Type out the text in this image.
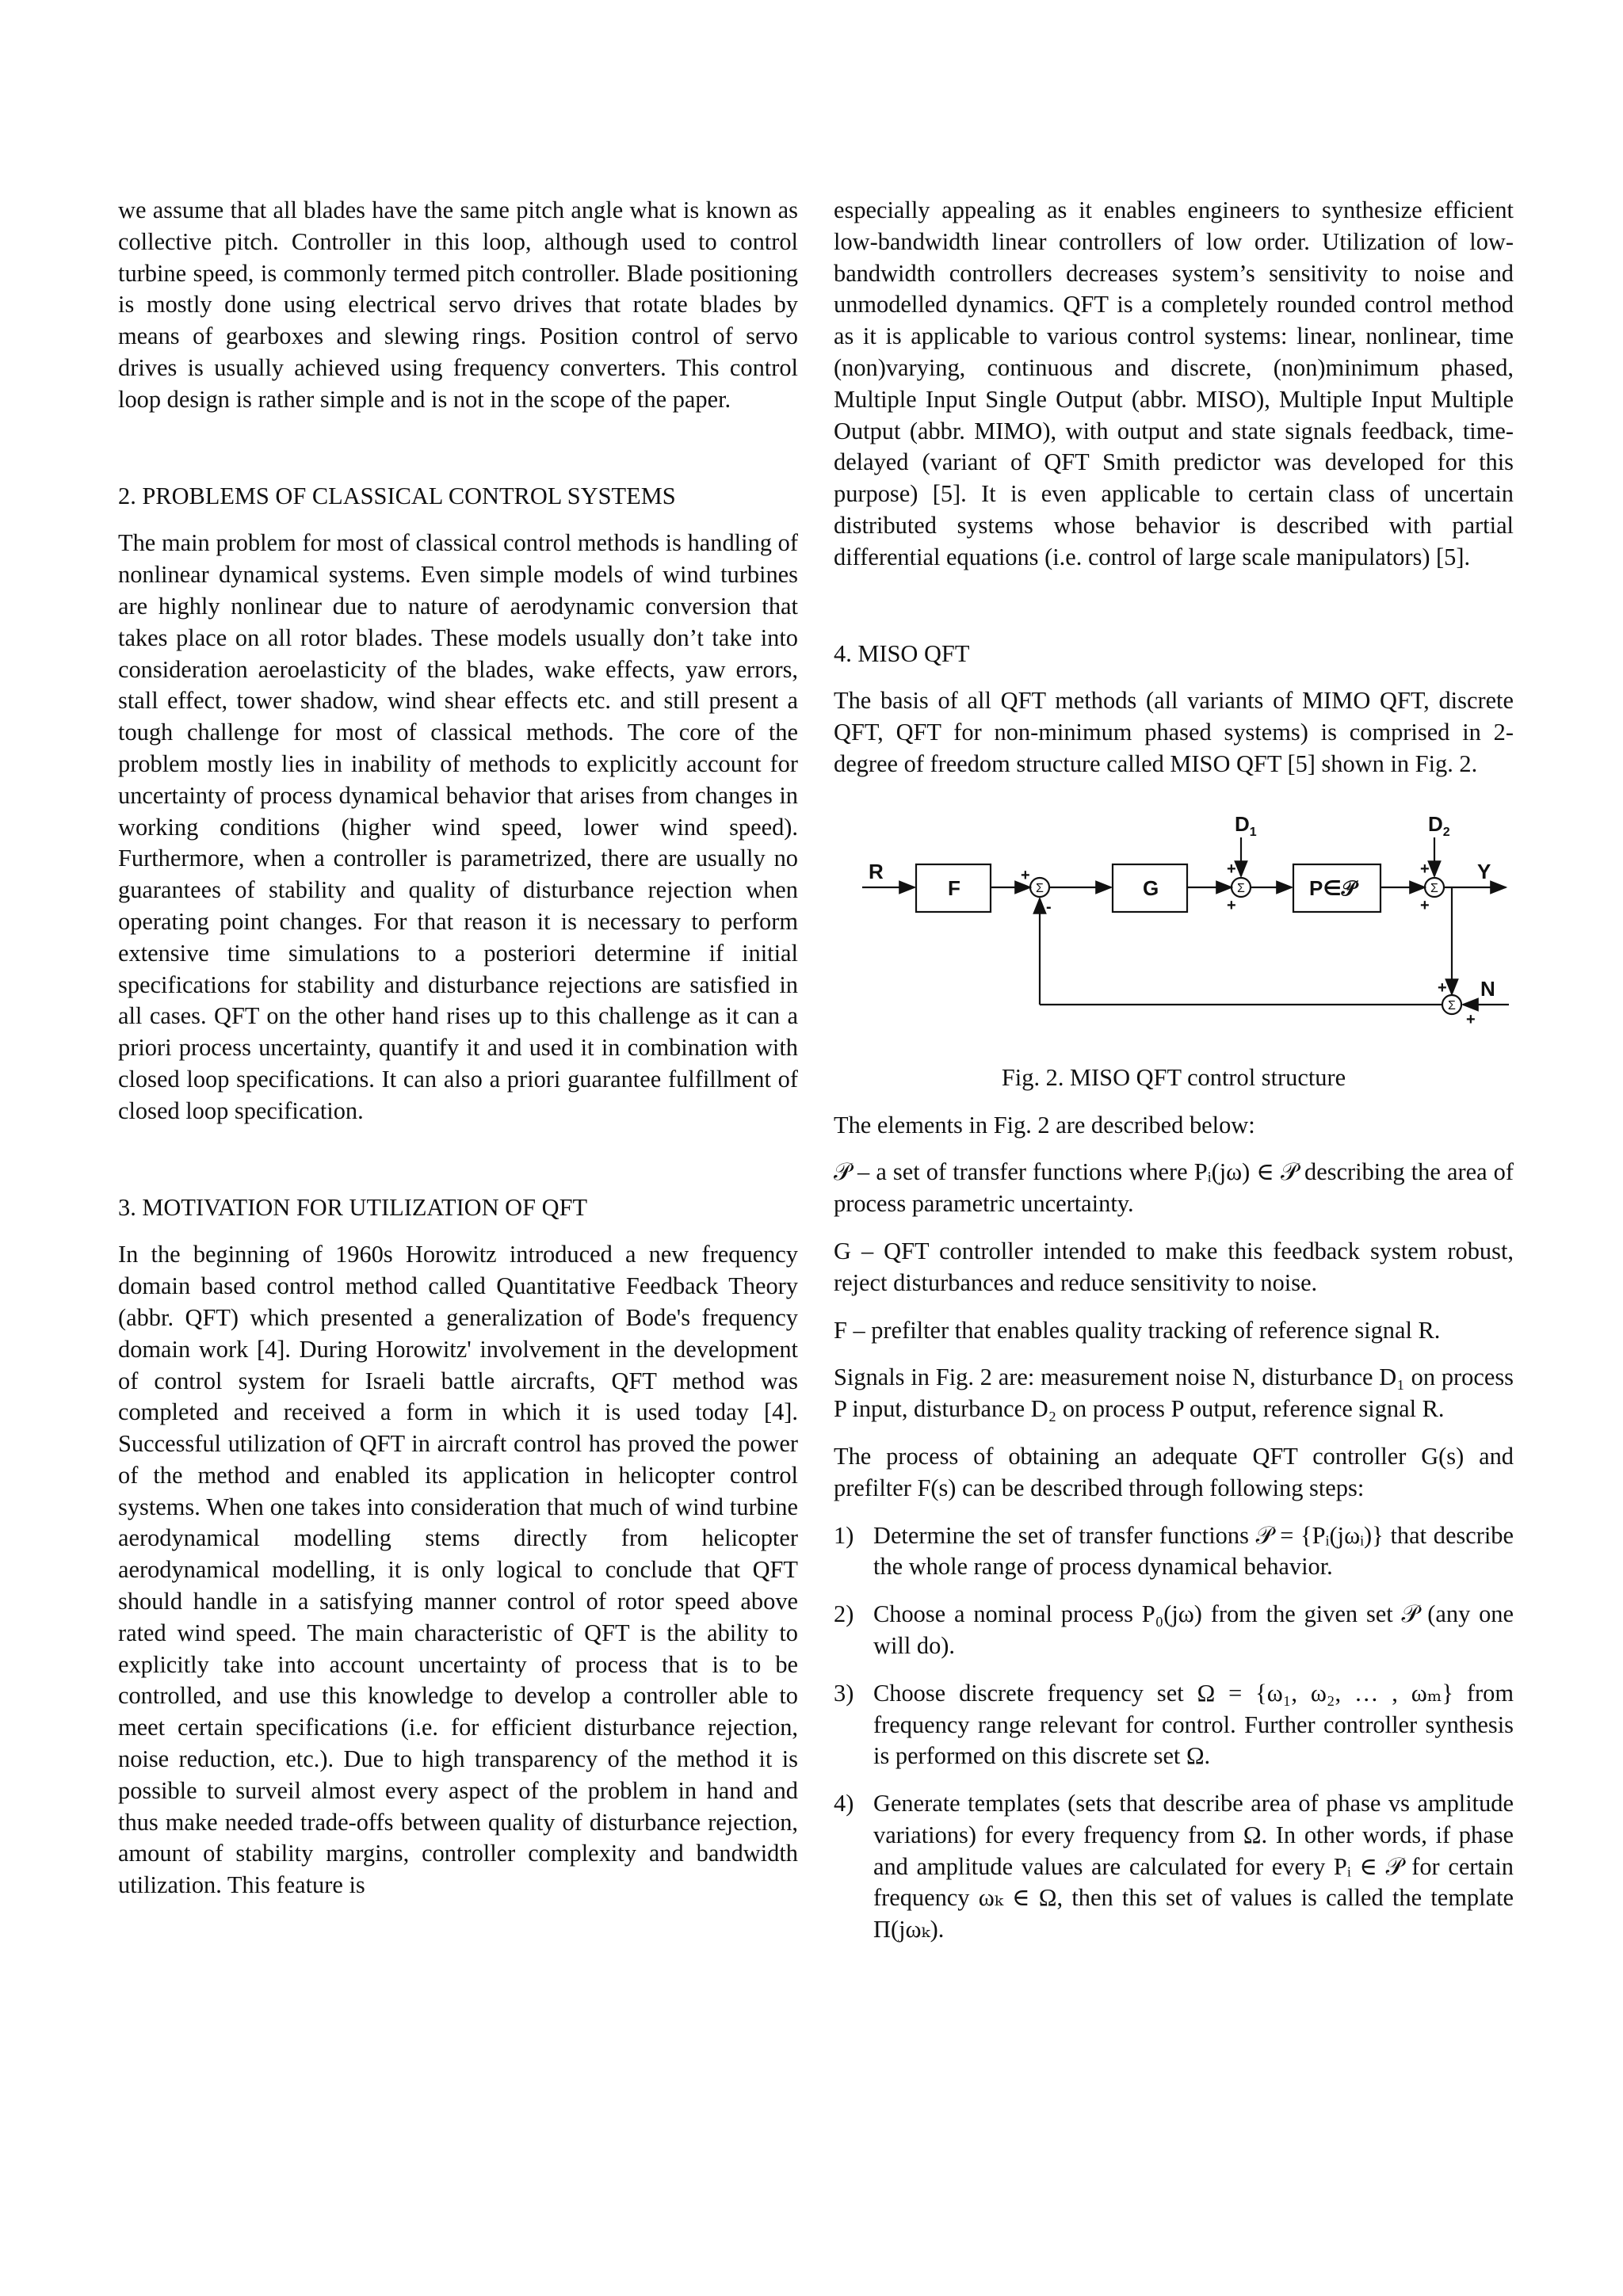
we assume that all blades have the same pitch angle what is known as collective pitch. Controller in this loop, although used to control turbine speed, is commonly termed pitch controller. Blade positioning is mostly done using electrical servo drives that rotate blades by means of gearboxes and slewing rings. Position control of servo drives is usually achieved using frequency converters. This control loop design is rather simple and is not in the scope of the paper.

2. PROBLEMS OF CLASSICAL CONTROL SYSTEMS

The main problem for most of classical control methods is handling of nonlinear dynamical systems. Even simple models of wind turbines are highly nonlinear due to nature of aerodynamic conversion that takes place on all rotor blades. These models usually don’t take into consideration aeroelasticity of the blades, wake effects, yaw errors, stall effect, tower shadow, wind shear effects etc. and still present a tough challenge for most of classical methods. The core of the problem mostly lies in inability of methods to explicitly account for uncertainty of process dynamical behavior that arises from changes in working conditions (higher wind speed, lower wind speed). Furthermore, when a controller is parametrized, there are usually no guarantees of stability and quality of disturbance rejection when operating point changes. For that reason it is necessary to perform extensive time simulations to a posteriori determine if initial specifications for stability and disturbance rejections are satisfied in all cases. QFT on the other hand rises up to this challenge as it can a priori process uncertainty, quantify it and used it in combination with closed loop specifications. It can also a priori guarantee fulfillment of closed loop specification.

3. MOTIVATION FOR UTILIZATION OF QFT

In the beginning of 1960s Horowitz introduced a new frequency domain based control method called Quantitative Feedback Theory (abbr. QFT) which presented a generalization of Bode's frequency domain work [4]. During Horowitz' involvement in the development of control system for Israeli battle aircrafts, QFT method was completed and received a form in which it is used today [4]. Successful utilization of QFT in aircraft control has proved the power of the method and enabled its application in helicopter control systems. When one takes into consideration that much of wind turbine aerodynamical modelling stems directly from helicopter aerodynamical modelling, it is only logical to conclude that QFT should handle in a satisfying manner control of rotor speed above rated wind speed. The main characteristic of QFT is the ability to explicitly take into account uncertainty of process that is to be controlled, and use this knowledge to develop a controller able to meet certain specifications (i.e. for efficient disturbance rejection, noise reduction, etc.). Due to high transparency of the method it is possible to surveil almost every aspect of the problem in hand and thus make needed trade-offs between quality of disturbance rejection, amount of stability margins, controller complexity and bandwidth utilization. This feature is

especially appealing as it enables engineers to synthesize efficient low-bandwidth linear controllers of low order. Utilization of low-bandwidth controllers decreases system’s sensitivity to noise and unmodelled dynamics. QFT is a completely rounded control method as it is applicable to various control systems: linear, nonlinear, time (non)varying, continuous and discrete, (non)minimum phased, Multiple Input Single Output (abbr. MISO), Multiple Input Multiple Output (abbr. MIMO), with output and state signals feedback, time-delayed (variant of QFT Smith predictor was developed for this purpose) [5]. It is even applicable to certain class of uncertain distributed systems whose behavior is described with partial differential equations (i.e. control of large scale manipulators) [5].

4. MISO QFT

The basis of all QFT methods (all variants of MIMO QFT, discrete QFT, QFT for non-minimum phased systems) is comprised in 2-degree of freedom structure called MISO QFT [5] shown in Fig. 2.

R
F	G	P∈𝒫
Y
N
$D_1$	$D_2$
Σ	Σ	Σ
Σ
+
-
+
+
+
+
+
+

Fig. 2. MISO QFT control structure

The elements in Fig. 2 are described below:

𝒫 – a set of transfer functions where Pᵢ(jω) ∈ 𝒫 describing the area of process parametric uncertainty.

G – QFT controller intended to make this feedback system robust, reject disturbances and reduce sensitivity to noise.

F – prefilter that enables quality tracking of reference signal R.

Signals in Fig. 2 are: measurement noise N, disturbance D₁ on process P input, disturbance D₂ on process P output, reference signal R.

The process of obtaining an adequate QFT controller G(s) and prefilter F(s) can be described through following steps:

1) Determine the set of transfer functions 𝒫 = {Pᵢ(jωᵢ)} that describe the whole range of process dynamical behavior.

2) Choose a nominal process P₀(jω) from the given set 𝒫 (any one will do).

3) Choose discrete frequency set Ω = {ω₁, ω₂, … , ωₘ} from frequency range relevant for control. Further controller synthesis is performed on this discrete set Ω.

4) Generate templates (sets that describe area of phase vs amplitude variations) for every frequency from Ω. In other words, if phase and amplitude values are calculated for every Pᵢ ∈ 𝒫 for certain frequency ωₖ ∈ Ω, then this set of values is called the template Π(jωₖ).
